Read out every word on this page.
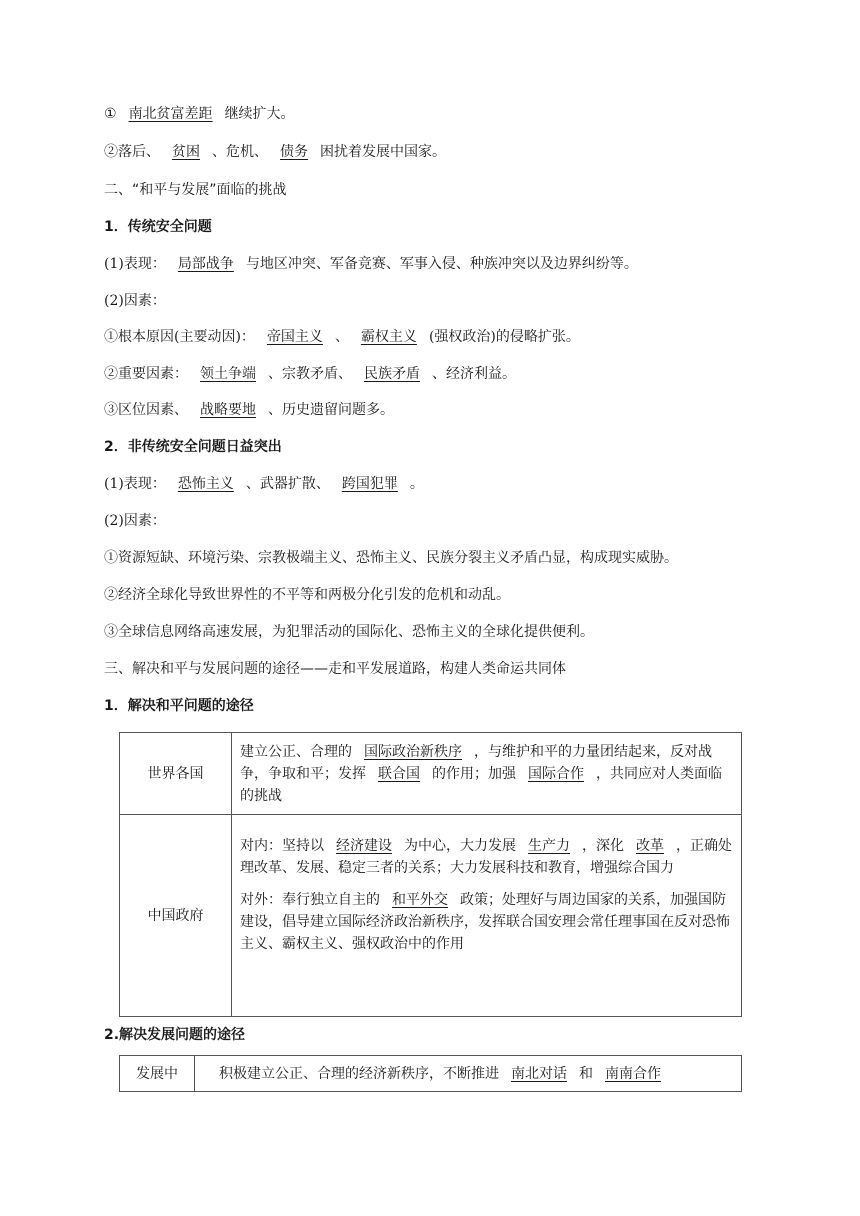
① 南北贫富差距 继续扩大。
②落后、 贫困 、危机、 债务 困扰着发展中国家。
二、“和平与发展”面临的挑战
1．传统安全问题
(1)表现： 局部战争 与地区冲突、军备竞赛、军事入侵、种族冲突以及边界纠纷等。
(2)因素：
①根本原因(主要动因)： 帝国主义 、 霸权主义 (强权政治)的侵略扩张。
②重要因素： 领土争端 、宗教矛盾、 民族矛盾 、经济利益。
③区位因素、 战略要地 、历史遗留问题多。
2．非传统安全问题日益突出
(1)表现： 恐怖主义 、武器扩散、 跨国犯罪 。
(2)因素：
①资源短缺、环境污染、宗教极端主义、恐怖主义、民族分裂主义矛盾凸显，构成现实威胁。
②经济全球化导致世界性的不平等和两极分化引发的危机和动乱。
③全球信息网络高速发展，为犯罪活动的国际化、恐怖主义的全球化提供便利。
三、解决和平与发展问题的途径——走和平发展道路，构建人类命运共同体
1．解决和平问题的途径
世界各国	建立公正、合理的 国际政治新秩序 ，与维护和平的力量团结起来，反对战争，争取和平；发挥 联合国 的作用；加强 国际合作 ，共同应对人类面临的挑战
中国政府	对内：坚持以 经济建设 为中心，大力发展 生产力 ，深化 改革 ，正确处理改革、发展、稳定三者的关系；大力发展科技和教育，增强综合国力

对外：奉行独立自主的 和平外交 政策；处理好与周边国家的关系，加强国防建设，倡导建立国际经济政治新秩序，发挥联合国安理会常任理事国在反对恐怖主义、霸权主义、强权政治中的作用

2.解决发展问题的途径
发展中	积极建立公正、合理的经济新秩序，不断推进 南北对话 和 南南合作
